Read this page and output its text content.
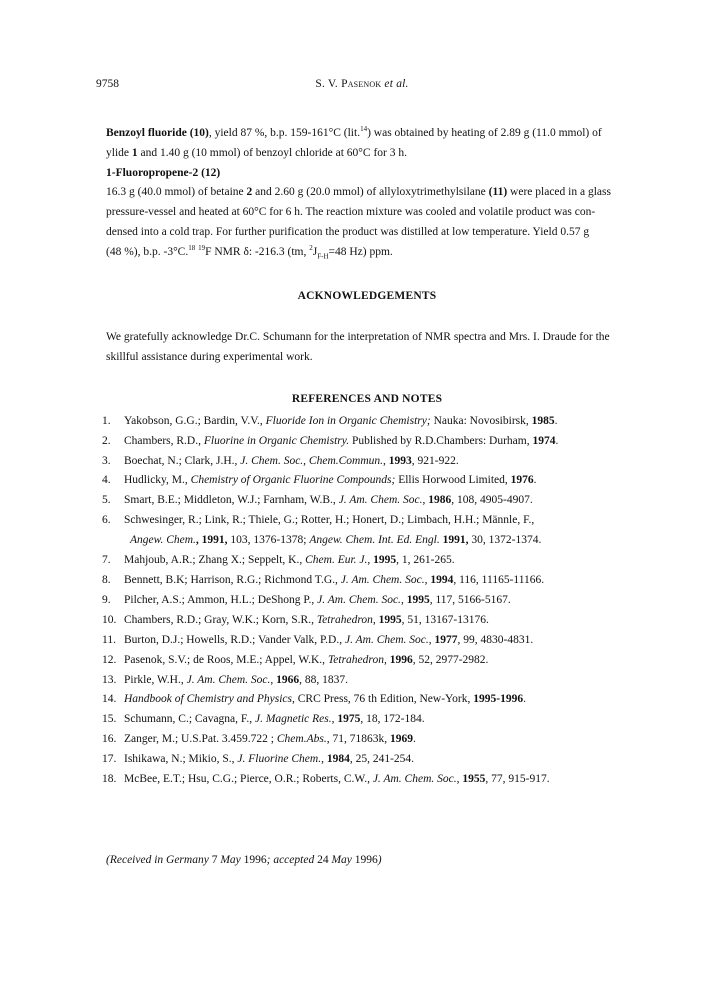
9758	S. V. Pasenok et al.
Benzoyl fluoride (10), yield 87 %, b.p. 159-161°C (lit.$^{14}$) was obtained by heating of 2.89 g (11.0 mmol) of
ylide 1 and 1.40 g (10 mmol) of benzoyl chloride at 60°C for 3 h.
1-Fluoropropene-2 (12)
16.3 g (40.0 mmol) of betaine 2 and 2.60 g (20.0 mmol) of allyloxytrimethylsilane (11) were placed in a glass
pressure-vessel and heated at 60°C for 6 h. The reaction mixture was cooled and volatile product was con-
densed into a cold trap. For further purification the product was distilled at low temperature. Yield 0.57 g
(48 %), b.p. -3°C.$^{18}$ $^{19}$F NMR δ: -216.3 (tm, $^2J_{F-H}=48$ Hz) ppm.

ACKNOWLEDGEMENTS

We gratefully acknowledge Dr.C. Schumann for the interpretation of NMR spectra and Mrs. I. Draude for the
skillful assistance during experimental work.

REFERENCES AND NOTES

1.	Yakobson, G.G.; Bardin, V.V., Fluoride Ion in Organic Chemistry; Nauka: Novosibirsk, 1985.
2.	Chambers, R.D., Fluorine in Organic Chemistry. Published by R.D.Chambers: Durham, 1974.
3.	Boechat, N.; Clark, J.H., J. Chem. Soc., Chem.Commun., 1993, 921-922.
4.	Hudlicky, M., Chemistry of Organic Fluorine Compounds; Ellis Horwood Limited, 1976.
5.	Smart, B.E.; Middleton, W.J.; Farnham, W.B., J. Am. Chem. Soc., 1986, 108, 4905-4907.
6.	Schwesinger, R.; Link, R.; Thiele, G.; Rotter, H.; Honert, D.; Limbach, H.H.; Männle, F.,
Angew. Chem., 1991, 103, 1376-1378; Angew. Chem. Int. Ed. Engl. 1991, 30, 1372-1374.
7.	Mahjoub, A.R.; Zhang X.; Seppelt, K., Chem. Eur. J., 1995, 1, 261-265.
8.	Bennett, B.K; Harrison, R.G.; Richmond T.G., J. Am. Chem. Soc., 1994, 116, 11165-11166.
9.	Pilcher, A.S.; Ammon, H.L.; DeShong P., J. Am. Chem. Soc., 1995, 117, 5166-5167.
10. Chambers, R.D.; Gray, W.K.; Korn, S.R., Tetrahedron, 1995, 51, 13167-13176.
11. Burton, D.J.; Howells, R.D.; Vander Valk, P.D., J. Am. Chem. Soc., 1977, 99, 4830-4831.
12. Pasenok, S.V.; de Roos, M.E.; Appel, W.K., Tetrahedron, 1996, 52, 2977-2982.
13. Pirkle, W.H., J. Am. Chem. Soc., 1966, 88, 1837.
14. Handbook of Chemistry and Physics, CRC Press, 76 th Edition, New-York, 1995-1996.
15. Schumann, C.; Cavagna, F., J. Magnetic Res., 1975, 18, 172-184.
16. Zanger, M.; U.S.Pat. 3.459.722 ; Chem.Abs., 71, 71863k, 1969.
17. Ishikawa, N.; Mikio, S., J. Fluorine Chem., 1984, 25, 241-254.
18. McBee, E.T.; Hsu, C.G.; Pierce, O.R.; Roberts, C.W., J. Am. Chem. Soc., 1955, 77, 915-917.
(Received in Germany 7 May 1996; accepted 24 May 1996)
